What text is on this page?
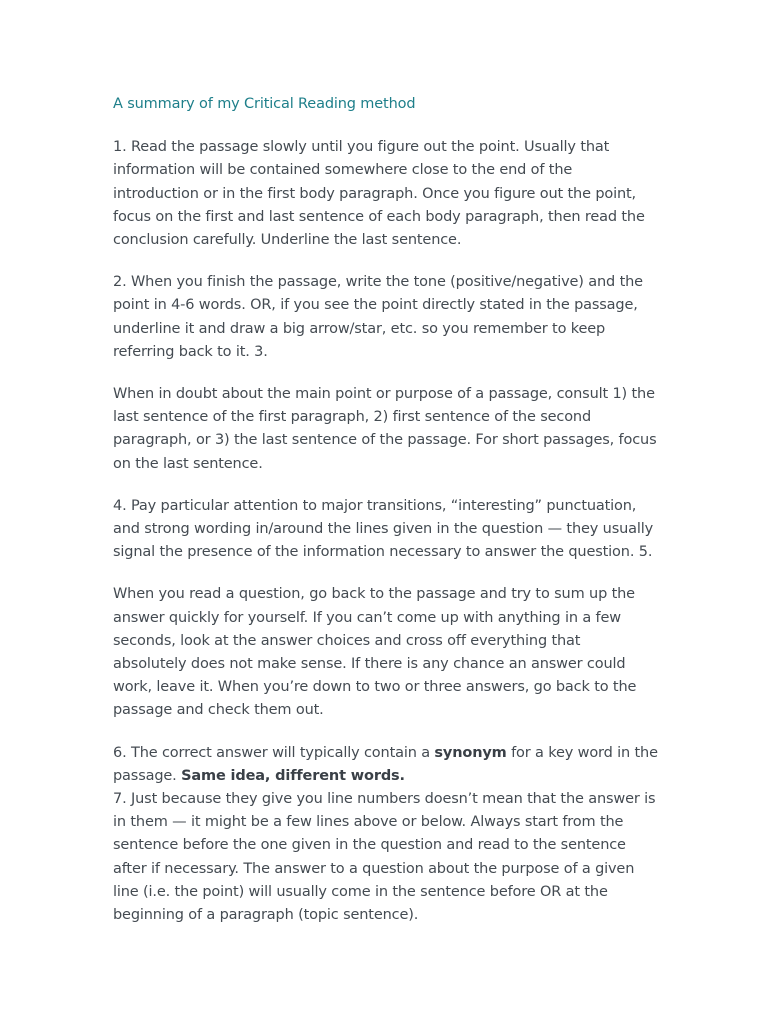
A summary of my Critical Reading method

1. Read the passage slowly until you figure out the point. Usually that information will be contained somewhere close to the end of the introduction or in the first body paragraph. Once you figure out the point, focus on the first and last sentence of each body paragraph, then read the conclusion carefully. Underline the last sentence.

2. When you finish the passage, write the tone (positive/negative) and the point in 4-6 words. OR, if you see the point directly stated in the passage, underline it and draw a big arrow/star, etc. so you remember to keep referring back to it. 3.

When in doubt about the main point or purpose of a passage, consult 1) the last sentence of the first paragraph, 2) first sentence of the second paragraph, or 3) the last sentence of the passage. For short passages, focus on the last sentence.

4. Pay particular attention to major transitions, “interesting” punctuation, and strong wording in/around the lines given in the question — they usually signal the presence of the information necessary to answer the question. 5.

When you read a question, go back to the passage and try to sum up the answer quickly for yourself. If you can’t come up with anything in a few seconds, look at the answer choices and cross off everything that absolutely does not make sense. If there is any chance an answer could work, leave it. When you’re down to two or three answers, go back to the passage and check them out.

6. The correct answer will typically contain a synonym for a key word in the passage. Same idea, different words.

7. Just because they give you line numbers doesn’t mean that the answer is in them — it might be a few lines above or below. Always start from the sentence before the one given in the question and read to the sentence after if necessary. The answer to a question about the purpose of a given line (i.e. the point) will usually come in the sentence before OR at the beginning of a paragraph (topic sentence).
